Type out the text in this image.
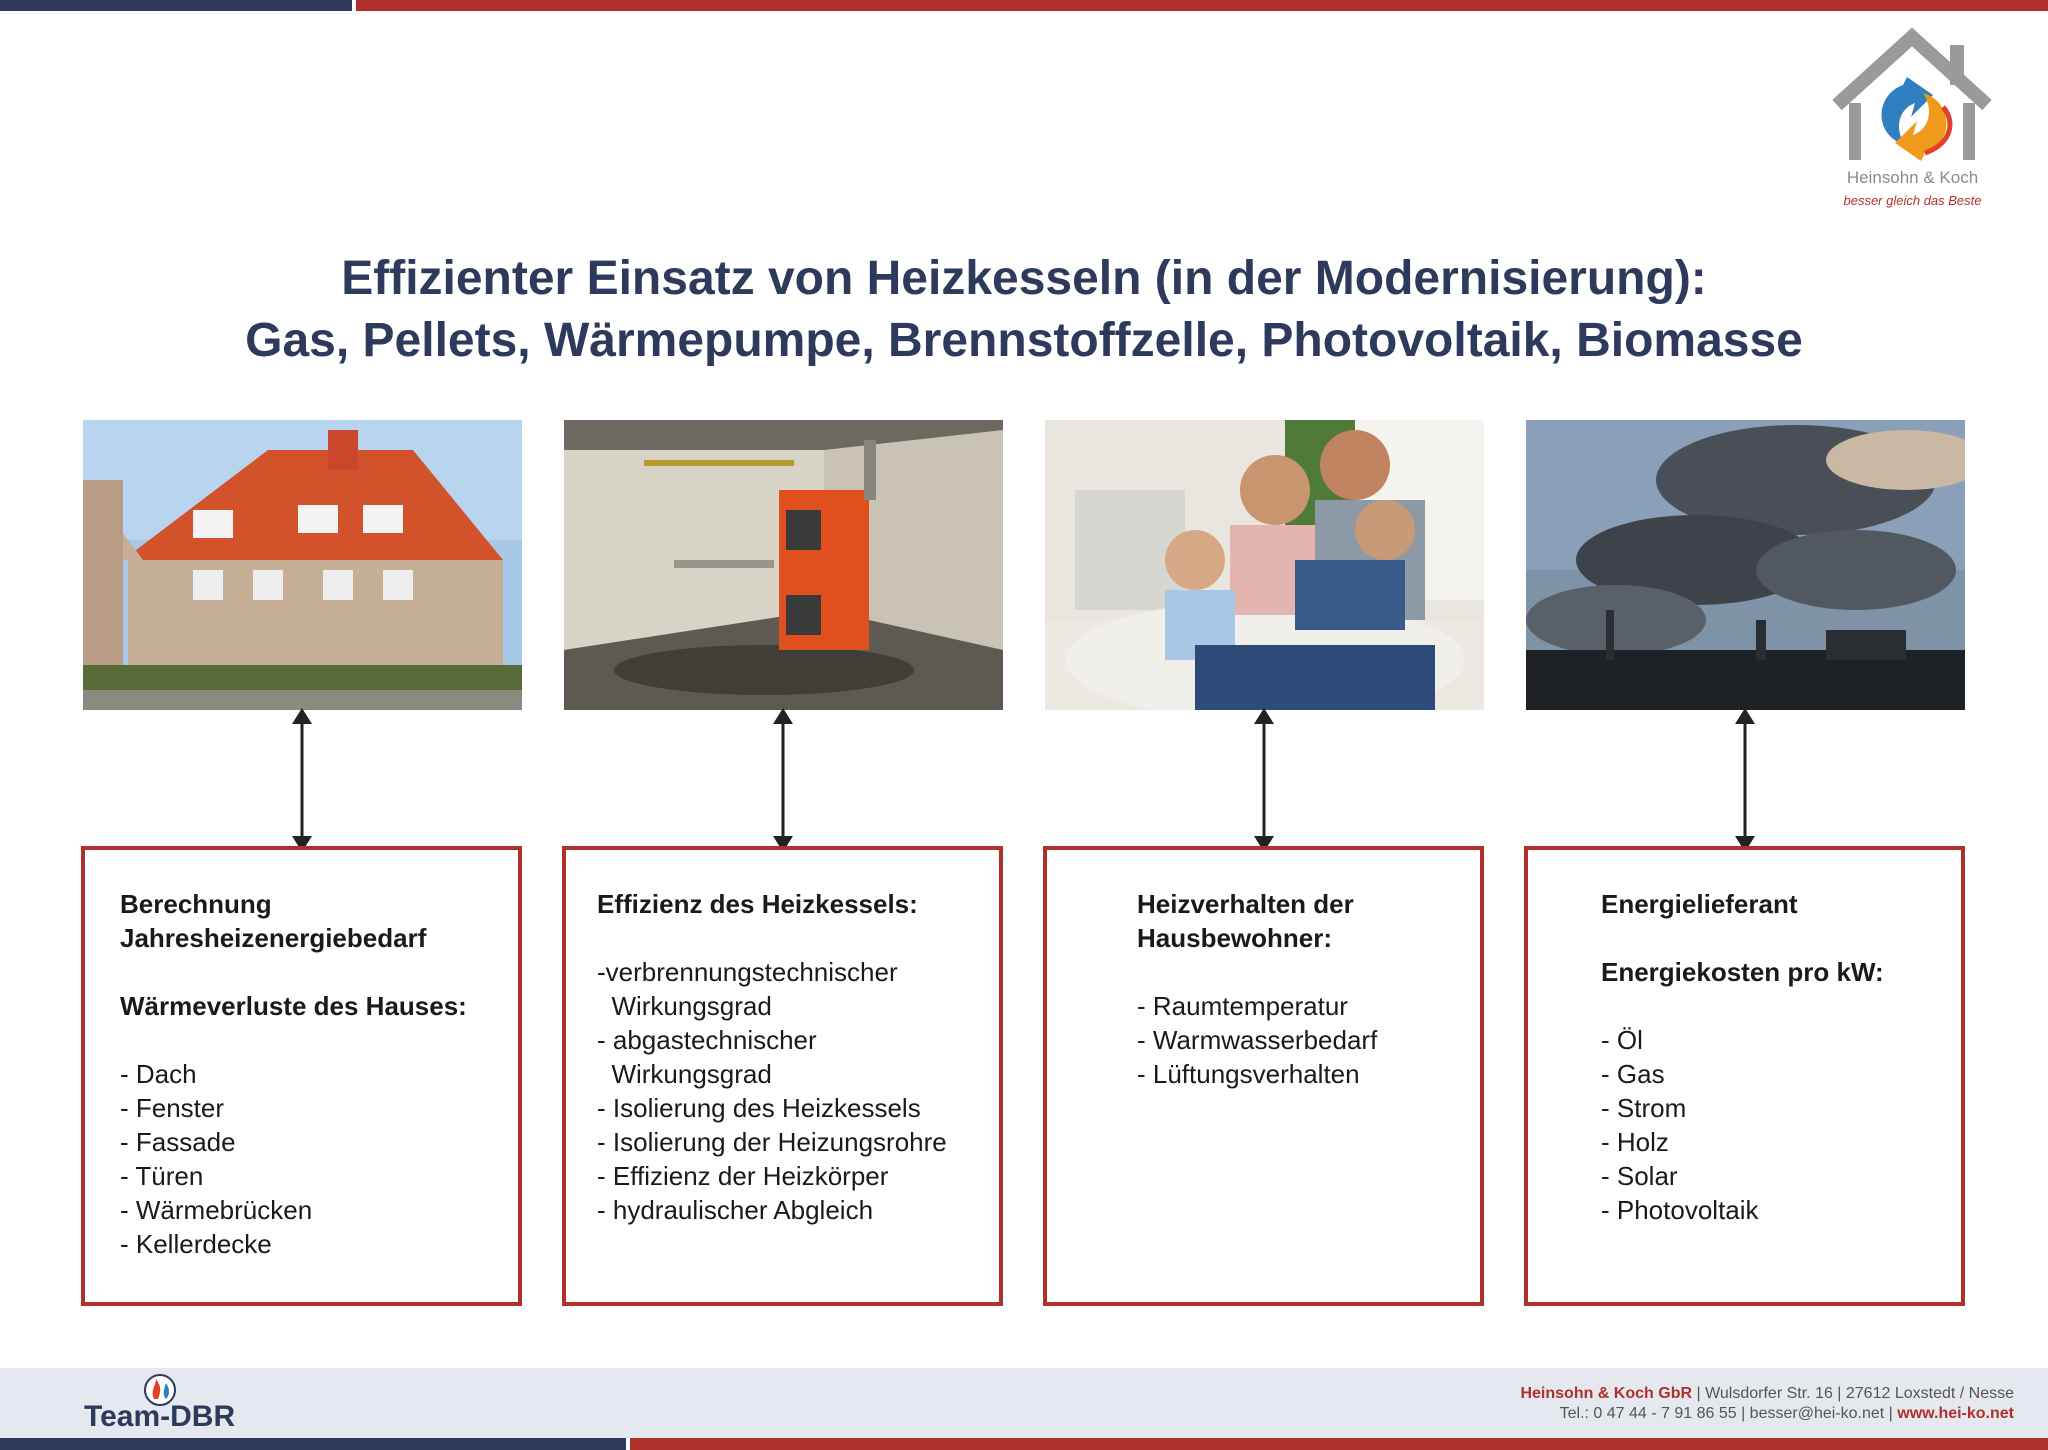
Heinsohn & Koch
besser gleich das Beste
Effizienter Einsatz von Heizkesseln (in der Modernisierung):
Gas, Pellets, Wärmepumpe, Brennstoffzelle, Photovoltaik, Biomasse
Berechnung
Jahresheizenergiebedarf
Wärmeverluste des Hauses:
- Dach
- Fenster
- Fassade
- Türen
- Wärmebrücken
- Kellerdecke
Effizienz des Heizkessels:
-verbrennungstechnischer
Wirkungsgrad
- abgastechnischer
Wirkungsgrad
- Isolierung des Heizkessels
- Isolierung der Heizungsrohre
- Effizienz der Heizkörper
- hydraulischer Abgleich
Heizverhalten der
Hausbewohner:
- Raumtemperatur
- Warmwasserbedarf
- Lüftungsverhalten
Energielieferant
Energiekosten pro kW:
- Öl
- Gas
- Strom
- Holz
- Solar
- Photovoltaik
Team-DBR
Heinsohn & Koch GbR | Wulsdorfer Str. 16 | 27612 Loxstedt / Nesse
Tel.: 0 47 44 - 7 91 86 55 | besser@hei-ko.net | www.hei-ko.net
